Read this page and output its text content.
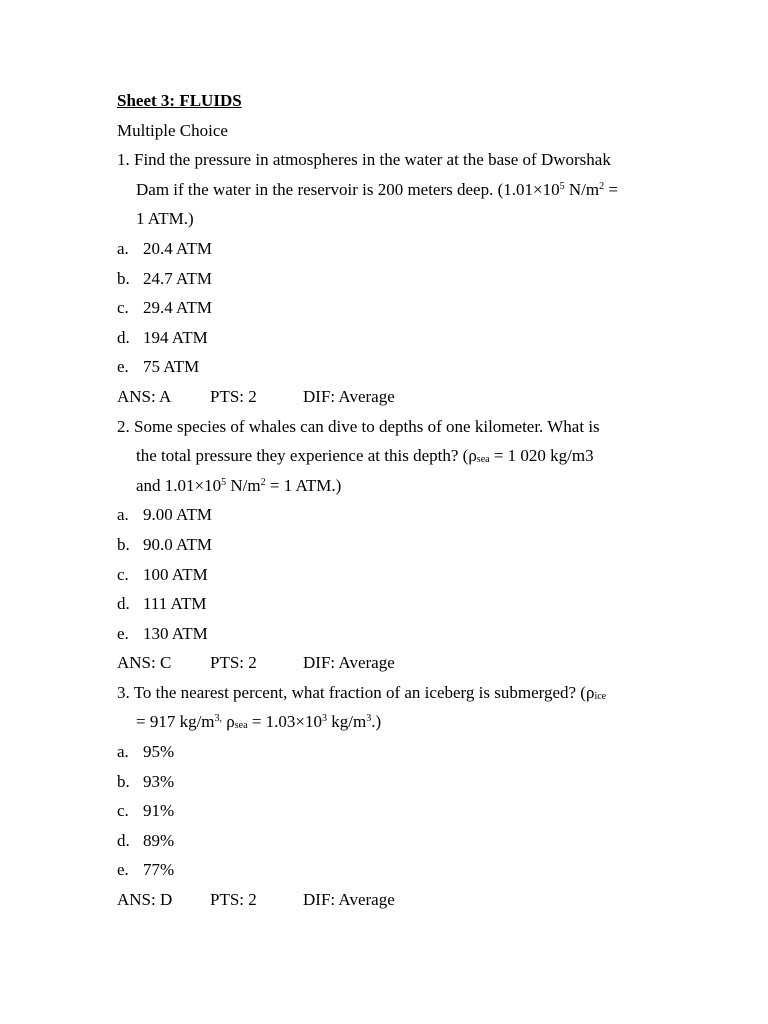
Sheet 3: FLUIDS
Multiple Choice
1. Find the pressure in atmospheres in the water at the base of Dworshak
Dam if the water in the reservoir is 200 meters deep. ($1.01\times 10^5$ $N/m^2$ =
1 ATM.)
a. 20.4 ATM
b. 24.7 ATM
c. 29.4 ATM
d. 194 ATM
e. 75 ATM
ANS: A	PTS: 2	DIF: Average
2. Some species of whales can dive to depths of one kilometer. What is
the total pressure they experience at this depth? ($\rho_{sea} = 1$ 020 kg/m3
and $1.01\times 10^5$ $N/m^2 = 1$ ATM.)
a. 9.00 ATM
b. 90.0 ATM
c. 100 ATM
d. 111 ATM
e. 130 ATM
ANS: C	PTS: 2	DIF: Average
3. To the nearest percent, what fraction of an iceberg is submerged? ($\rho_{ice}$
= 917 $kg/m^{3,}$ $\rho_{sea} = 1.03\times 10^3$ $kg/m^3$.)
a. 95%
b. 93%
c. 91%
d. 89%
e. 77%
ANS: D	PTS: 2	DIF: Average
